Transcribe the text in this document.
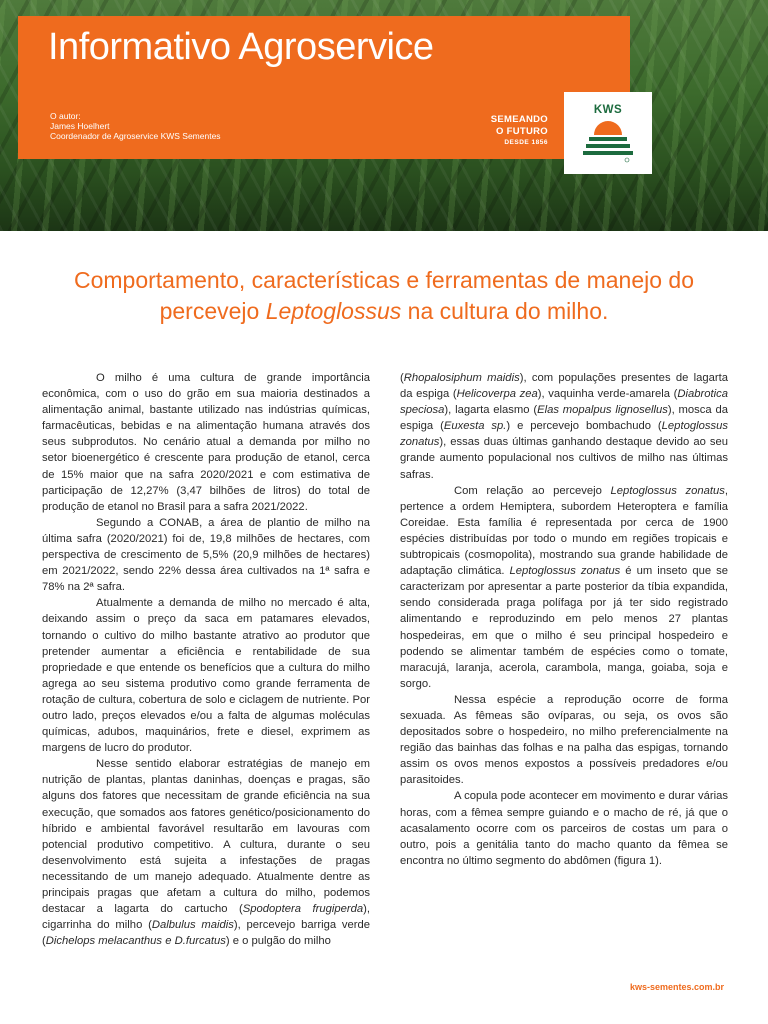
Informativo Agroservice
O autor:
James Hoelhert
Coordenador de Agroservice KWS Sementes
SEMEANDO
O FUTURO
DESDE 1856
KWS
Comportamento, características e ferramentas de manejo do percevejo Leptoglossus na cultura do milho.

O milho é uma cultura de grande importância econômica, com o uso do grão em sua maioria destinados a alimentação animal, bastante utilizado nas indústrias químicas, farmacêuticas, bebidas e na alimentação humana através dos seus subprodutos. No cenário atual a demanda por milho no setor bioenergético é crescente para produção de etanol, cerca de 15% maior que na safra 2020/2021 e com estimativa de participação de 12,27% (3,47 bilhões de litros) do total de produção de etanol no Brasil para a safra 2021/2022.

Segundo a CONAB, a área de plantio de milho na última safra (2020/2021) foi de, 19,8 milhões de hectares, com perspectiva de crescimento de 5,5% (20,9 milhões de hectares) em 2021/2022, sendo 22% dessa área cultivados na 1ª safra e 78% na 2ª safra.

Atualmente a demanda de milho no mercado é alta, deixando assim o preço da saca em patamares elevados, tornando o cultivo do milho bastante atrativo ao produtor que pretender aumentar a eficiência e rentabilidade de sua propriedade e que entende os benefícios que a cultura do milho agrega ao seu sistema produtivo como grande ferramenta de rotação de cultura, cobertura de solo e ciclagem de nutriente. Por outro lado, preços elevados e/ou a falta de algumas moléculas químicas, adubos, maquinários, frete e diesel, exprimem as margens de lucro do produtor.

Nesse sentido elaborar estratégias de manejo em nutrição de plantas, plantas daninhas, doenças e pragas, são alguns dos fatores que necessitam de grande eficiência na sua execução, que somados aos fatores genético/posicionamento do híbrido e ambiental favorável resultarão em lavouras com potencial produtivo competitivo. A cultura, durante o seu desenvolvimento está sujeita a infestações de pragas necessitando de um manejo adequado. Atualmente dentre as principais pragas que afetam a cultura do milho, podemos destacar a lagarta do cartucho (Spodoptera frugiperda), cigarrinha do milho (Dalbulus maidis), percevejo barriga verde (Dichelops melacanthus e D.furcatus) e o pulgão do milho

(Rhopalosiphum maidis), com populações presentes de lagarta da espiga (Helicoverpa zea), vaquinha verde-amarela (Diabrotica speciosa), lagarta elasmo (Elas mopalpus lignosellus), mosca da espiga (Euxesta sp.) e percevejo bombachudo (Leptoglossus zonatus), essas duas últimas ganhando destaque devido ao seu grande aumento populacional nos cultivos de milho nas últimas safras.

Com relação ao percevejo Leptoglossus zonatus, pertence a ordem Hemiptera, subordem Heteroptera e família Coreidae. Esta família é representada por cerca de 1900 espécies distribuídas por todo o mundo em regiões tropicais e subtropicais (cosmopolita), mostrando sua grande habilidade de adaptação climática. Leptoglossus zonatus é um inseto que se caracterizam por apresentar a parte posterior da tíbia expandida, sendo considerada praga polífaga por já ter sido registrado alimentando e reproduzindo em pelo menos 27 plantas hospedeiras, em que o milho é seu principal hospedeiro e podendo se alimentar também de espécies como o tomate, maracujá, laranja, acerola, carambola, manga, goiaba, soja e sorgo.

Nessa espécie a reprodução ocorre de forma sexuada. As fêmeas são ovíparas, ou seja, os ovos são depositados sobre o hospedeiro, no milho preferencialmente na região das bainhas das folhas e na palha das espigas, tornando assim os ovos menos expostos a possíveis predadores e/ou parasitoides.

A copula pode acontecer em movimento e durar várias horas, com a fêmea sempre guiando e o macho de ré, já que o acasalamento ocorre com os parceiros de costas um para o outro, pois a genitália tanto do macho quanto da fêmea se encontra no último segmento do abdômen (figura 1).

kws-sementes.com.br
